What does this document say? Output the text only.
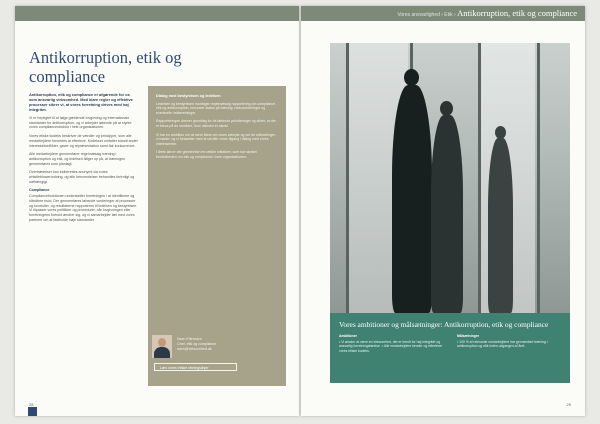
Antikorruption, etik og compliance

Antikorruption, etik og compliance er afgørende for os som ansvarlig virksomhed. Med klare regler og effektive processer sikrer vi, at vores forretning drives med høj integritet.

Vi er forpligtet til at følge gældende lovgivning og internationale standarder for antikorruption, og vi arbejder løbende på at styrke vores compliancestruktur i hele organisationen.

Vores etiske kodeks beskriver de værdier og principper, som alle medarbejdere forventes at efterleve. Kodekset omfatter blandt andet interessekonflikter, gaver og repræsentation samt fair konkurrence.

Alle medarbejdere gennemfører regelmæssig træning i antikorruption og etik, og ledelsen følger op på, at træningen gennemføres som planlagt.

Overtrædelser kan indberettes anonymt via vores whistleblowerordning, og alle henvendelser behandles fortroligt og uafhængigt.

Compliance

Compliancefunktionen understøtter forretningen i at identificere og håndtere risici. Der gennemføres løbende vurderinger af processer og kontroller, og resultaterne rapporteres til ledelsen og bestyrelsen. Vi tilpasser vores politikker og procedurer, når lovgivningen eller forretningens forhold ændrer sig, og vi samarbejder tæt med vores partnere om at fastholde høje standarder.

Dialog med bestyrelsen og ledelsen

Ledelsen og bestyrelsen modtager regelmæssig rapportering om compliance, etik og antikorruption, herunder status på træning, risikovurderinger og eventuelle indberetninger.

Rapporteringen danner grundlag for de løbende prioriteringer og sikrer, at der er fokus på de områder, hvor risikoen er størst.

Vi har en ambition om at være åbne om vores arbejde og om de udfordringer, vi møder, og vi fortsætter med at udvikle vores tilgang i dialog med vores interessenter.

I årets løb er der gennemført en række initiativer, som har styrket bevidstheden om etik og compliance i hele organisationen.

Navn Efternavn
Chef, etik og compliance
navn@virksomhed.dk
Læs vores etiske retningslinjer
28
Vores ansvarlighed › Etik › Antikorruption, etik og compliance
Vores ambitioner og målsætninger: Antikorruption, etik og compliance

Ambitioner

• Vi ønsker at være en virksomhed, der er kendt for høj integritet og ansvarlig forretningsførelse. • Alle medarbejdere kender og efterlever vores etiske kodeks.

Målsætninger

• 100 % af relevante medarbejdere har gennemført træning i antikorruption og etik inden udgangen af året.
29
